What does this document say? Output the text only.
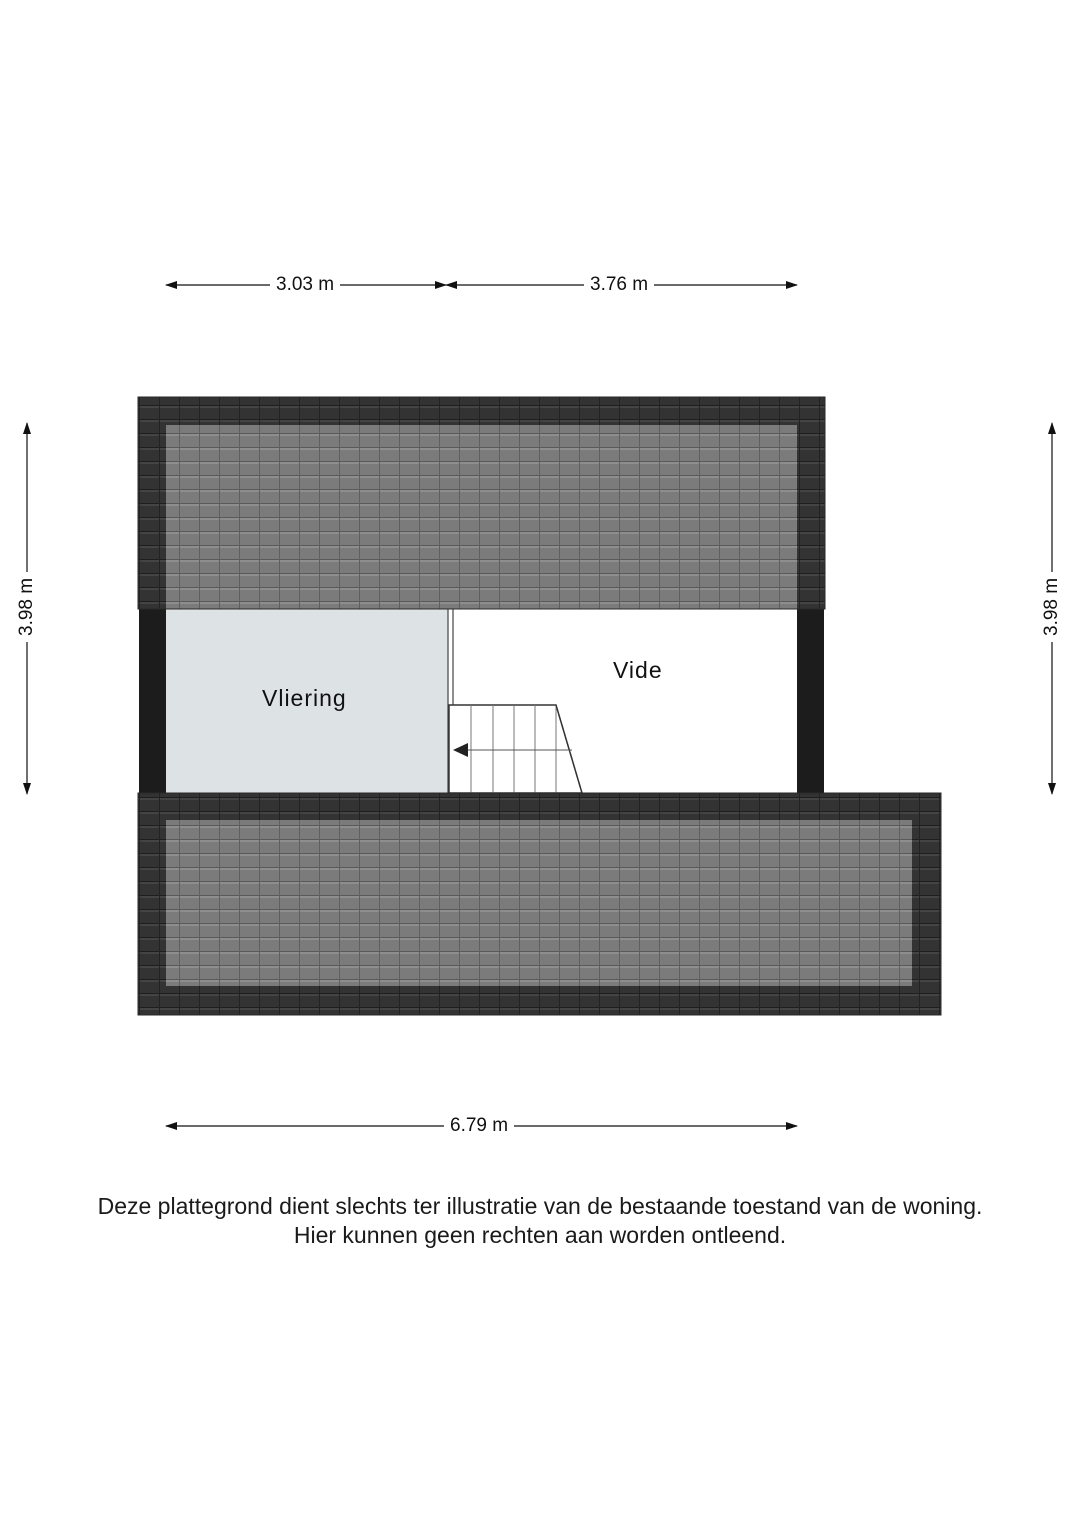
3.03 m	3.76 m
6.79 m
3.98 m	3.98 m
Vliering
Vide
Deze plattegrond dient slechts ter illustratie van de bestaande toestand van de woning.
Hier kunnen geen rechten aan worden ontleend.
